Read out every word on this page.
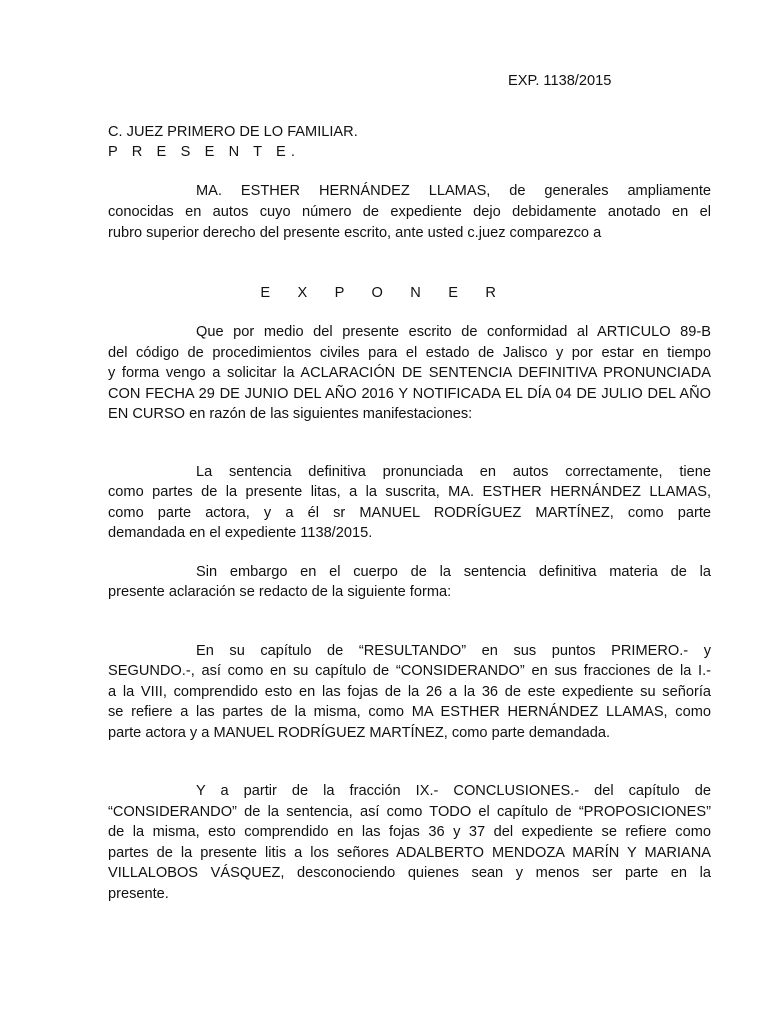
EXP. 1138/2015
C. JUEZ PRIMERO DE LO FAMILIAR.
P R E S E N T E.
MA. ESTHER HERNÁNDEZ LLAMAS, de generales ampliamente
conocidas en autos cuyo número de expediente dejo debidamente anotado en el
rubro superior derecho del presente escrito, ante usted c.juez comparezco a
E X P O N E R
Que por medio del presente escrito de conformidad al ARTICULO 89-B
del código de procedimientos civiles para el estado de Jalisco y por estar en tiempo
y forma vengo a solicitar la ACLARACIÓN DE SENTENCIA DEFINITIVA PRONUNCIADA
CON FECHA 29 DE JUNIO DEL AÑO 2016 Y NOTIFICADA EL DÍA 04 DE JULIO DEL AÑO
EN CURSO en razón de las siguientes manifestaciones:
La sentencia definitiva pronunciada en autos correctamente, tiene
como partes de la presente litas, a la suscrita, MA. ESTHER HERNÁNDEZ LLAMAS,
como parte actora, y a él sr MANUEL RODRÍGUEZ MARTÍNEZ, como parte
demandada en el expediente 1138/2015.
Sin embargo en el cuerpo de la sentencia definitiva materia de la
presente aclaración se redacto de la siguiente forma:
En su capítulo de “RESULTANDO” en sus puntos PRIMERO.- y
SEGUNDO.-, así como en su capítulo de “CONSIDERANDO” en sus fracciones de la I.-
a la VIII, comprendido esto en las fojas de la 26 a la 36 de este expediente su señoría
se refiere a las partes de la misma, como MA ESTHER HERNÁNDEZ LLAMAS, como
parte actora y a MANUEL RODRÍGUEZ MARTÍNEZ, como parte demandada.
Y a partir de la fracción IX.- CONCLUSIONES.- del capítulo de
“CONSIDERANDO” de la sentencia, así como TODO el capítulo de “PROPOSICIONES”
de la misma, esto comprendido en las fojas 36 y 37 del expediente se refiere como
partes de la presente litis a los señores ADALBERTO MENDOZA MARÍN Y MARIANA
VILLALOBOS VÁSQUEZ, desconociendo quienes sean y menos ser parte en la
presente.
